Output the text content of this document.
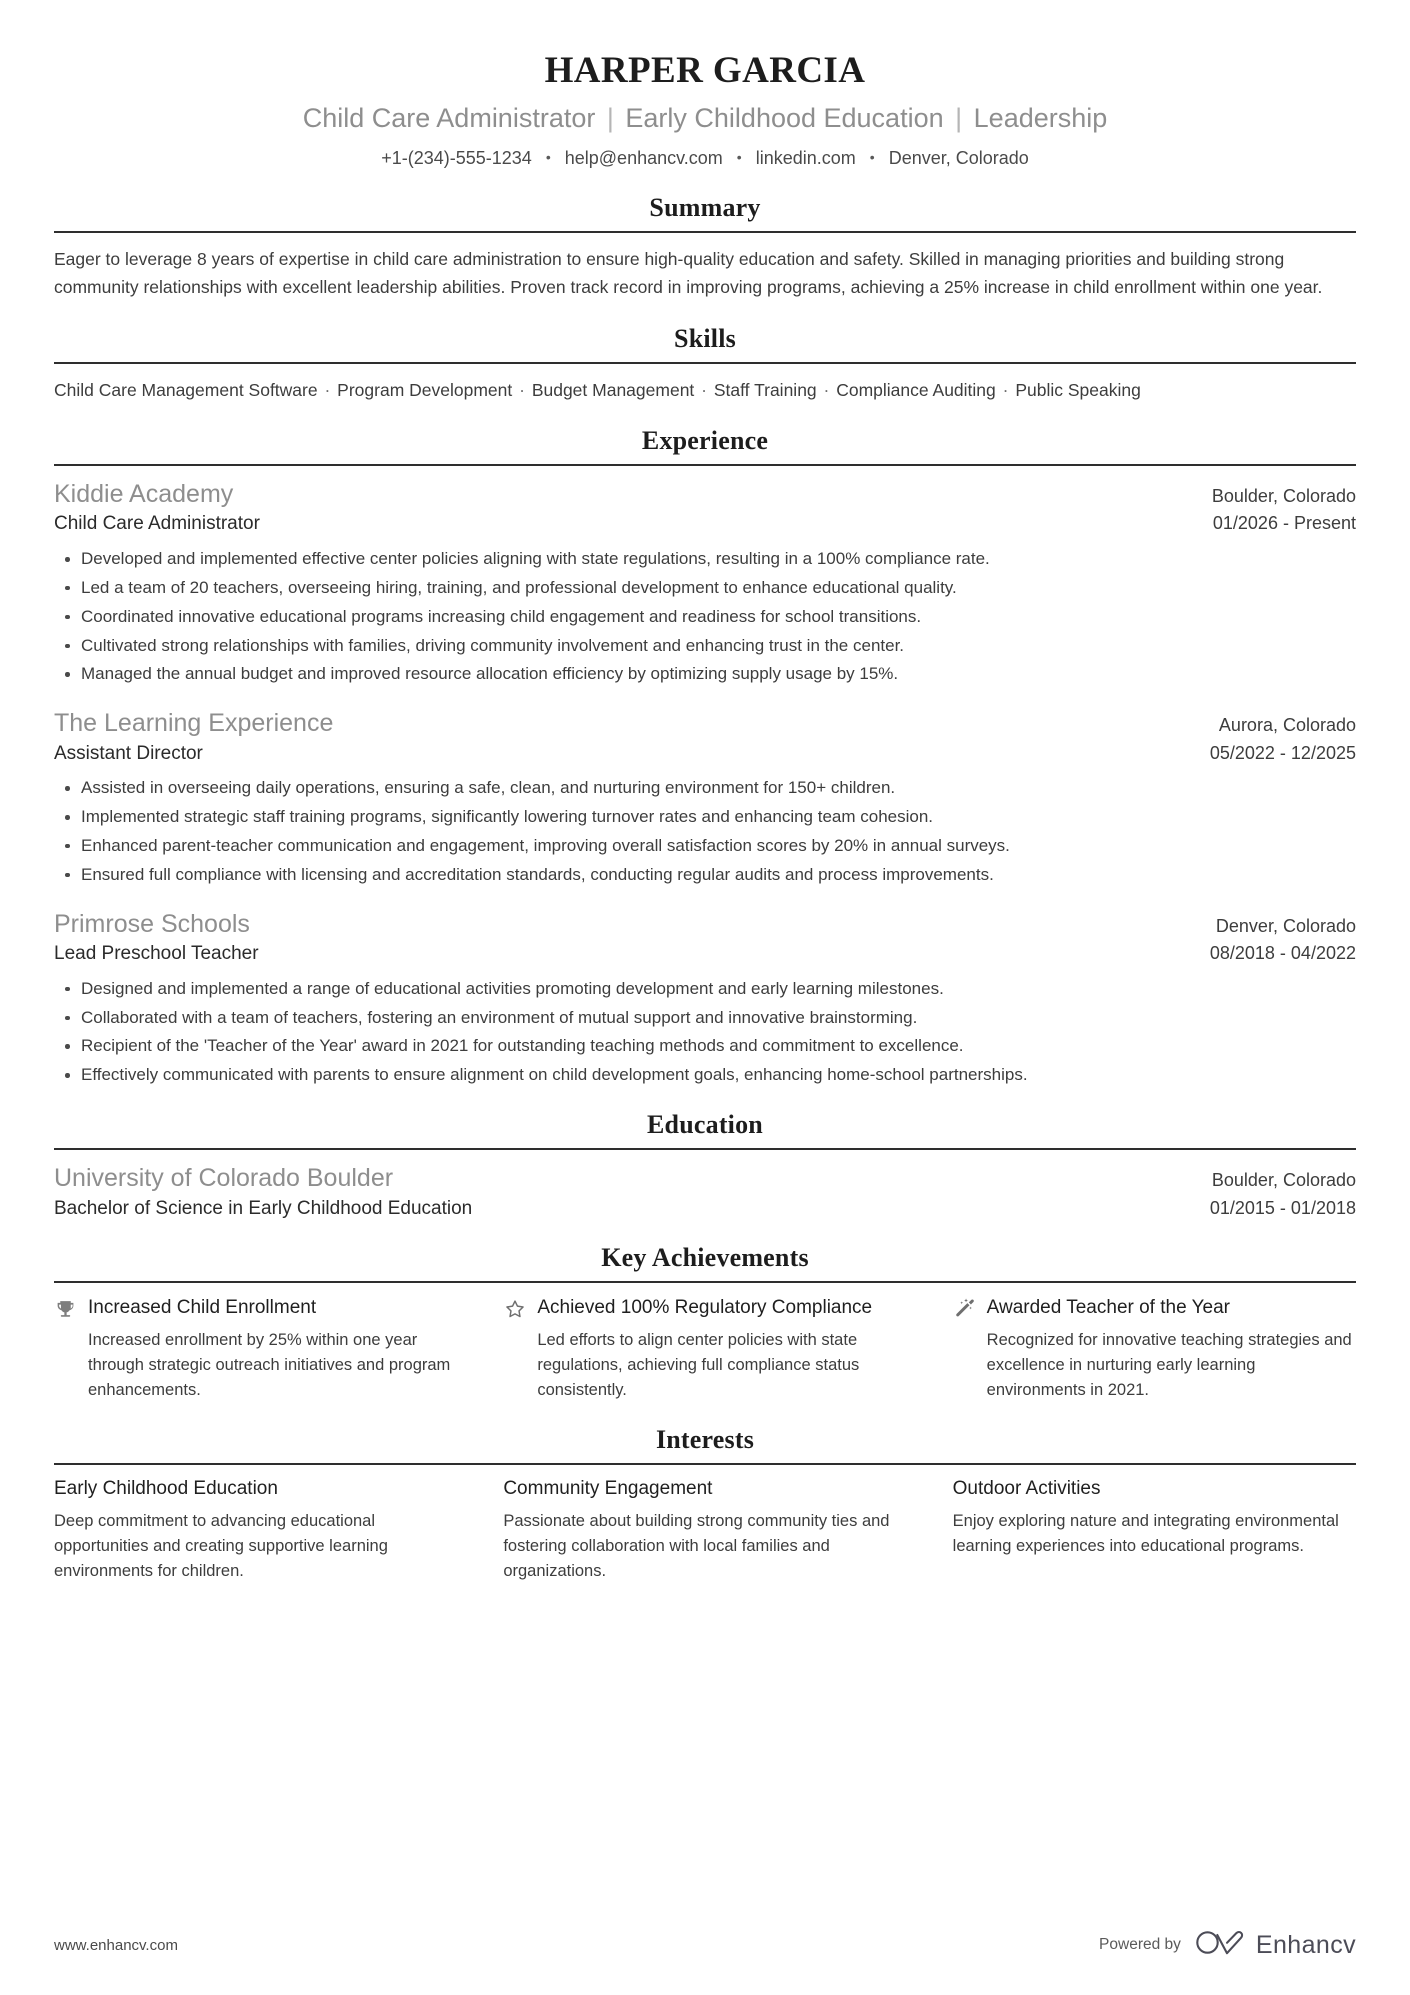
HARPER GARCIA
Child Care Administrator | Early Childhood Education | Leadership
+1-(234)-555-1234 • help@enhancv.com • linkedin.com • Denver, Colorado
Summary
Eager to leverage 8 years of expertise in child care administration to ensure high-quality education and safety. Skilled in managing priorities and building strong community relationships with excellent leadership abilities. Proven track record in improving programs, achieving a 25% increase in child enrollment within one year.
Skills
Child Care Management Software · Program Development · Budget Management · Staff Training · Compliance Auditing · Public Speaking
Experience
Kiddie Academy	Boulder, Colorado
Child Care Administrator	01/2026 - Present
Developed and implemented effective center policies aligning with state regulations, resulting in a 100% compliance rate.
Led a team of 20 teachers, overseeing hiring, training, and professional development to enhance educational quality.
Coordinated innovative educational programs increasing child engagement and readiness for school transitions.
Cultivated strong relationships with families, driving community involvement and enhancing trust in the center.
Managed the annual budget and improved resource allocation efficiency by optimizing supply usage by 15%.
The Learning Experience	Aurora, Colorado
Assistant Director	05/2022 - 12/2025
Assisted in overseeing daily operations, ensuring a safe, clean, and nurturing environment for 150+ children.
Implemented strategic staff training programs, significantly lowering turnover rates and enhancing team cohesion.
Enhanced parent-teacher communication and engagement, improving overall satisfaction scores by 20% in annual surveys.
Ensured full compliance with licensing and accreditation standards, conducting regular audits and process improvements.
Primrose Schools	Denver, Colorado
Lead Preschool Teacher	08/2018 - 04/2022
Designed and implemented a range of educational activities promoting development and early learning milestones.
Collaborated with a team of teachers, fostering an environment of mutual support and innovative brainstorming.
Recipient of the 'Teacher of the Year' award in 2021 for outstanding teaching methods and commitment to excellence.
Effectively communicated with parents to ensure alignment on child development goals, enhancing home-school partnerships.
Education
University of Colorado Boulder	Boulder, Colorado
Bachelor of Science in Early Childhood Education	01/2015 - 01/2018
Key Achievements
Increased Child Enrollment
Increased enrollment by 25% within one year through strategic outreach initiatives and program enhancements.
Achieved 100% Regulatory Compliance
Led efforts to align center policies with state regulations, achieving full compliance status consistently.
Awarded Teacher of the Year
Recognized for innovative teaching strategies and excellence in nurturing early learning environments in 2021.
Interests
Early Childhood Education
Deep commitment to advancing educational opportunities and creating supportive learning environments for children.
Community Engagement
Passionate about building strong community ties and fostering collaboration with local families and organizations.
Outdoor Activities
Enjoy exploring nature and integrating environmental learning experiences into educational programs.
www.enhancv.com	Powered by	Enhancv
